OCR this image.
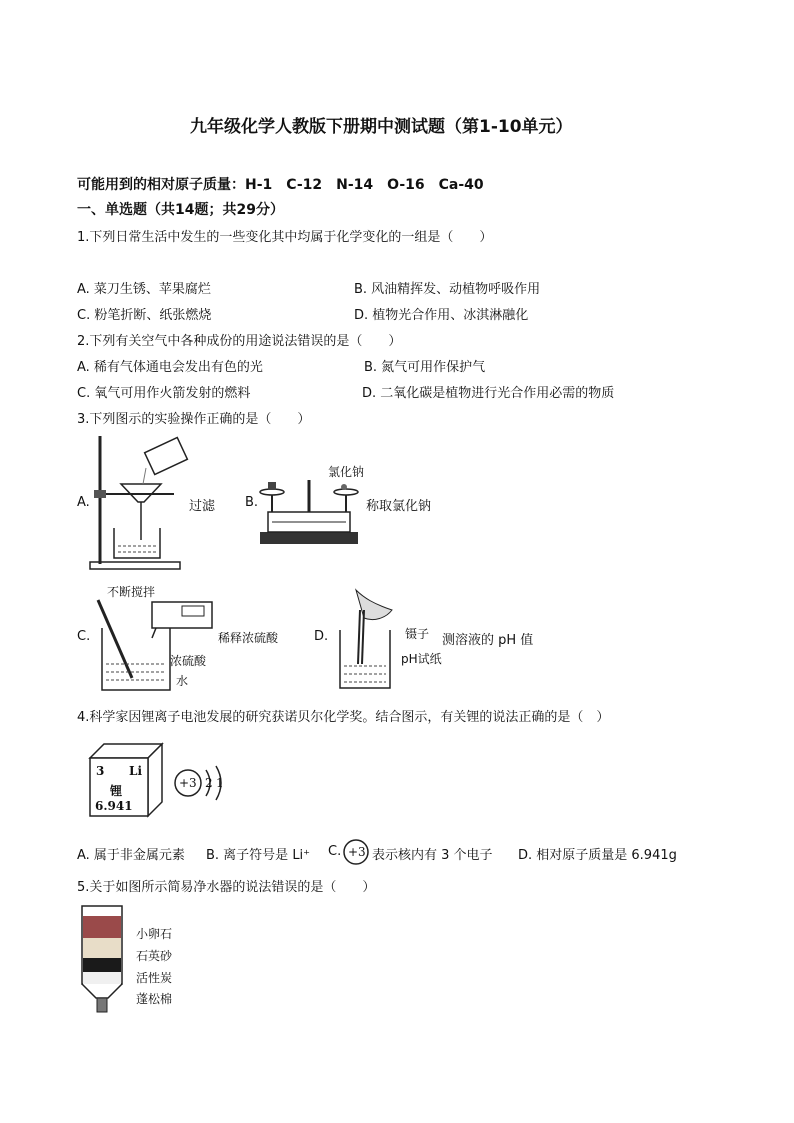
九年级化学人教版下册期中测试题（第1-10单元）
可能用到的相对原子质量：H-1　C-12　N-14　O-16　Ca-40
一、单选题（共14题；共29分）
1.下列日常生活中发生的一些变化其中均属于化学变化的一组是（　　）
A. 菜刀生锈、苹果腐烂	B. 风油精挥发、动植物呼吸作用
C. 粉笔折断、纸张燃烧	D. 植物光合作用、冰淇淋融化
2.下列有关空气中各种成份的用途说法错误的是（　　）
A. 稀有气体通电会发出有色的光	B. 氮气可用作保护气
C. 氧气可用作火箭发射的燃料	D. 二氧化碳是植物进行光合作用必需的物质
3.下列图示的实验操作正确的是（　　）
A.	过滤 B.
氯化钠
称取氯化钠
不断搅拌
C.	稀释浓硫酸
浓硫酸
水
D.	镊子 测溶液的 pH 值
pH试纸
4.科学家因锂离子电池发展的研究获诺贝尔化学奖。结合图示，有关锂的说法正确的是（　）
3 Li
锂
6.941
+3 2 1
A. 属于非金属元素 B. 离子符号是 Li⁺ C. +3 表示核内有 3 个电子 D. 相对原子质量是 6.941g
5.关于如图所示简易净水器的说法错误的是（　　）
小卵石
石英砂
活性炭
蓬松棉
